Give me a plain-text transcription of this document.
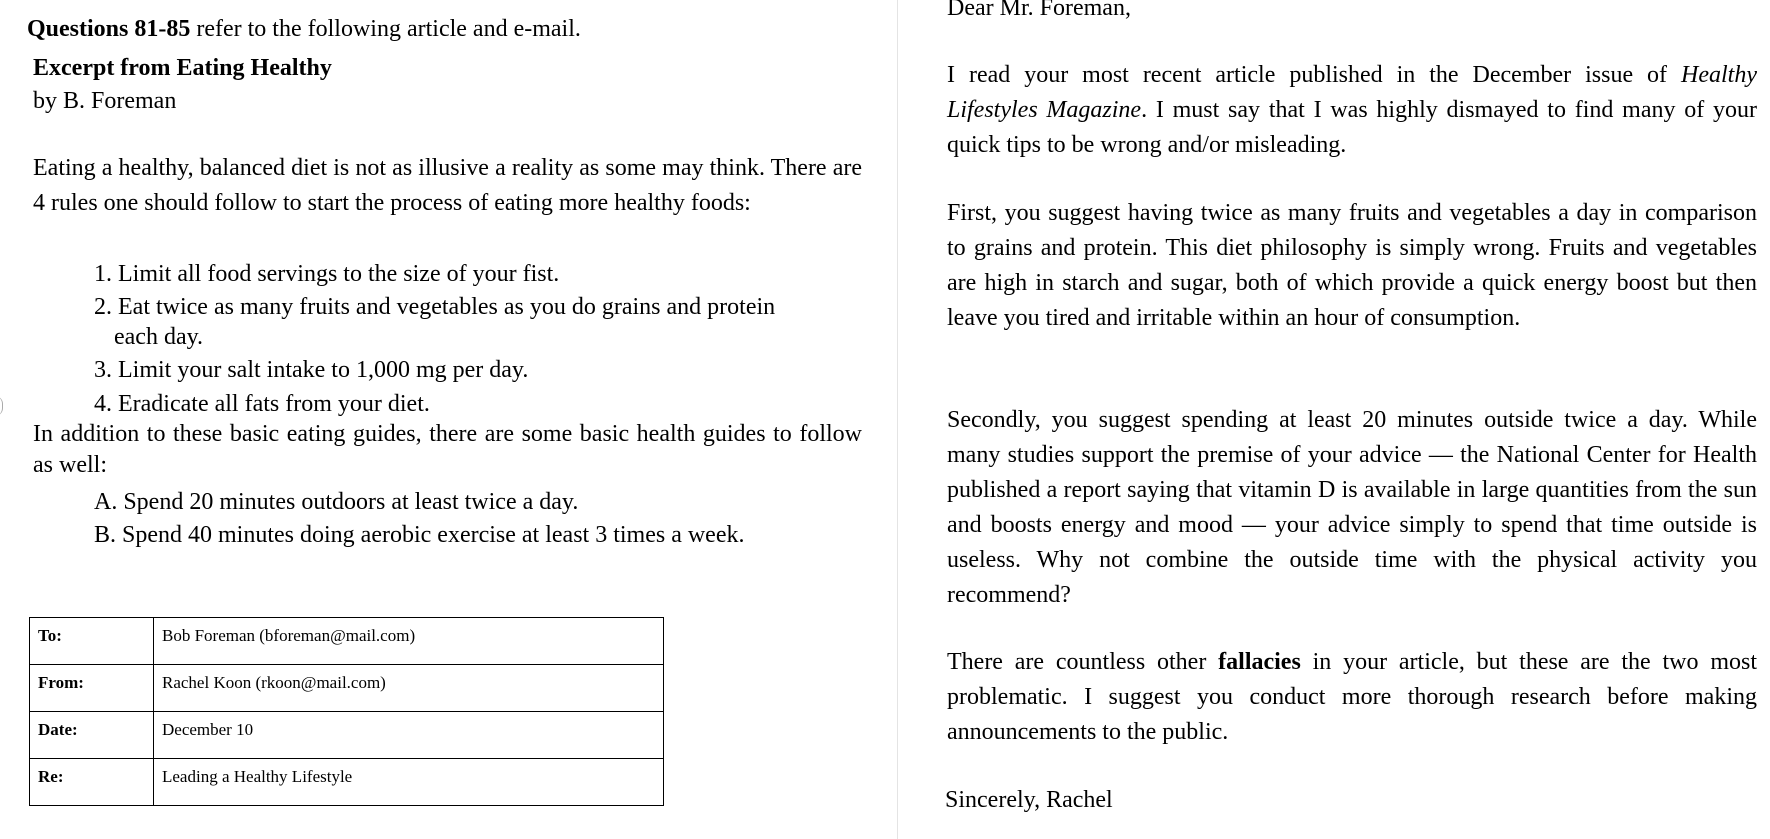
Questions 81-85 refer to the following article and e-mail.
Excerpt from Eating Healthy
by B. Foreman
Eating a healthy, balanced diet is not as illusive a reality as some may think. There are 4 rules one should follow to start the process of eating more healthy foods:
1. Limit all food servings to the size of your fist.
2. Eat twice as many fruits and vegetables as you do grains and protein
each day.
3. Limit your salt intake to 1,000 mg per day.
4. Eradicate all fats from your diet.
In addition to these basic eating guides, there are some basic health guides to follow as well:
A. Spend 20 minutes outdoors at least twice a day.
B. Spend 40 minutes doing aerobic exercise at least 3 times a week.
To:	Bob Foreman (bforeman@mail.com)
From:	Rachel Koon (rkoon@mail.com)
Date:	December 10
Re:	Leading a Healthy Lifestyle
Dear Mr. Foreman,
I read your most recent article published in the December issue of Healthy Lifestyles Magazine. I must say that I was highly dismayed to find many of your quick tips to be wrong and/or misleading.
First, you suggest having twice as many fruits and vegetables a day in comparison to grains and protein. This diet philosophy is simply wrong. Fruits and vegetables are high in starch and sugar, both of which provide a quick energy boost but then leave you tired and irritable within an hour of consumption.
Secondly, you suggest spending at least 20 minutes outside twice a day. While many studies support the premise of your advice — the National Center for Health published a report saying that vitamin D is available in large quantities from the sun and boosts energy and mood — your advice simply to spend that time outside is useless. Why not combine the outside time with the physical activity you recommend?
There are countless other fallacies in your article, but these are the two most problematic. I suggest you conduct more thorough research before making announcements to the public.
Sincerely, Rachel
